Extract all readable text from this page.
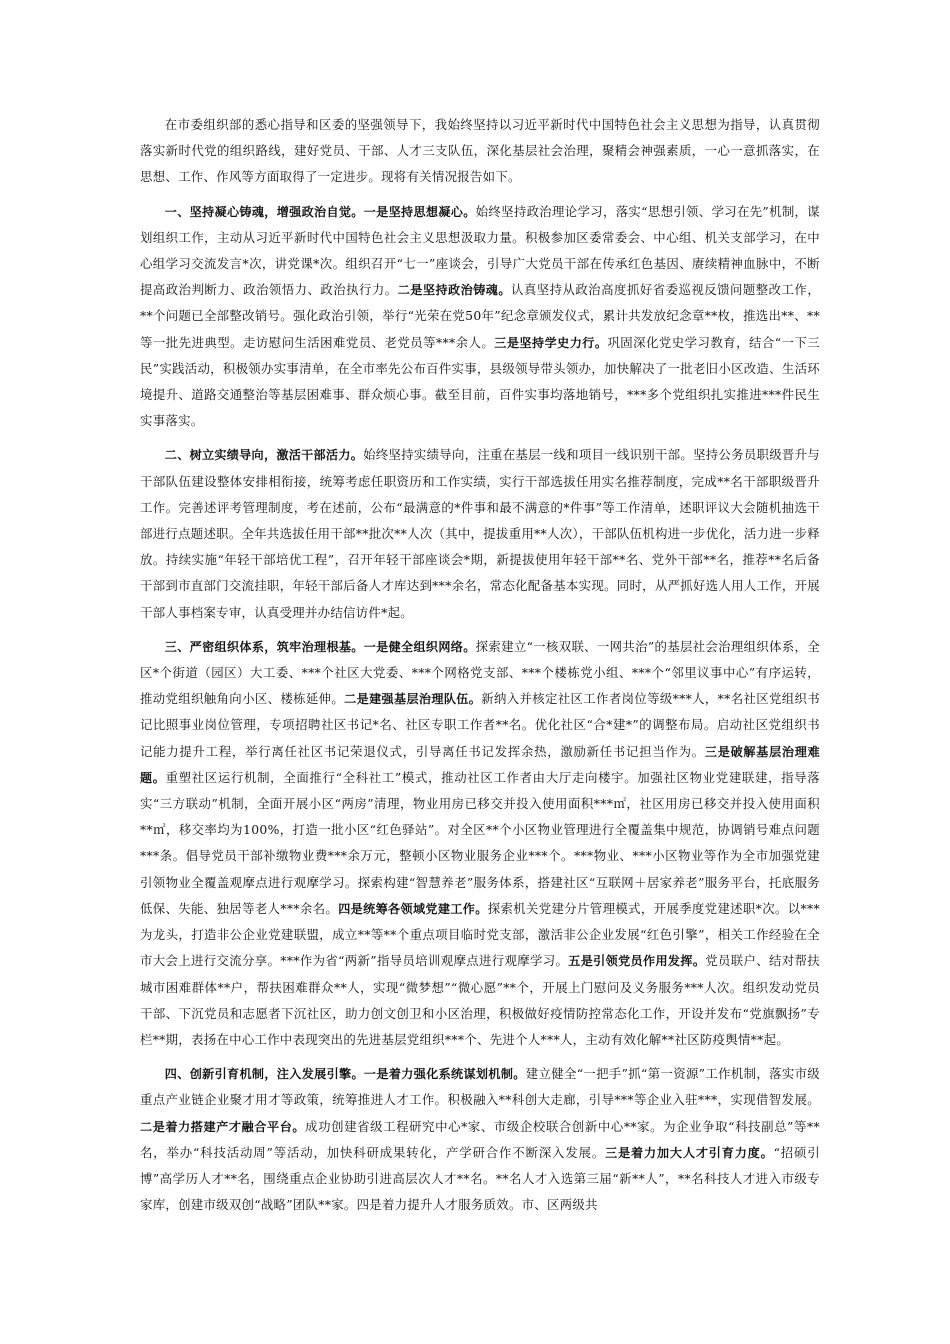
在市委组织部的悉心指导和区委的坚强领导下，我始终坚持以习近平新时代中国特色社会主义思想为指导，认真贯彻落实新时代党的组织路线，建好党员、干部、人才三支队伍，深化基层社会治理，聚精会神强素质，一心一意抓落实，在思想、工作、作风等方面取得了一定进步。现将有关情况报告如下。

一、坚持凝心铸魂，增强政治自觉。一是坚持思想凝心。始终坚持政治理论学习，落实“思想引领、学习在先”机制，谋划组织工作，主动从习近平新时代中国特色社会主义思想汲取力量。积极参加区委常委会、中心组、机关支部学习，在中心组学习交流发言*次，讲党课*次。组织召开“七一”座谈会，引导广大党员干部在传承红色基因、赓续精神血脉中，不断提高政治判断力、政治领悟力、政治执行力。二是坚持政治铸魂。认真坚持从政治高度抓好省委巡视反馈问题整改工作，**个问题已全部整改销号。强化政治引领，举行“光荣在党50年”纪念章颁发仪式，累计共发放纪念章**枚，推选出**、**等一批先进典型。走访慰问生活困难党员、老党员等***余人。三是坚持学史力行。巩固深化党史学习教育，结合“一下三民”实践活动，积极领办实事清单，在全市率先公布百件实事，县级领导带头领办，加快解决了一批老旧小区改造、生活环境提升、道路交通整治等基层困难事、群众烦心事。截至目前，百件实事均落地销号，***多个党组织扎实推进***件民生实事落实。

二、树立实绩导向，激活干部活力。始终坚持实绩导向，注重在基层一线和项目一线识别干部。坚持公务员职级晋升与干部队伍建设整体安排相衔接，统筹考虑任职资历和工作实绩，实行干部选拔任用实名推荐制度，完成**名干部职级晋升工作。完善述评考管理制度，考在述前，公布“最满意的*件事和最不满意的*件事”等工作清单，述职评议大会随机抽选干部进行点题述职。全年共选拔任用干部**批次**人次（其中，提拔重用**人次），干部队伍机构进一步优化，活力进一步释放。持续实施“年轻干部培优工程”，召开年轻干部座谈会*期，新提拔使用年轻干部**名、党外干部**名，推荐**名后备干部到市直部门交流挂职，年轻干部后备人才库达到***余名，常态化配备基本实现。同时，从严抓好选人用人工作，开展干部人事档案专审，认真受理并办结信访件*起。

三、严密组织体系，筑牢治理根基。一是健全组织网络。探索建立“一核双联、一网共治”的基层社会治理组织体系，全区*个街道（园区）大工委、***个社区大党委、***个网格党支部、***个楼栋党小组、***个“邻里议事中心”有序运转，推动党组织触角向小区、楼栋延伸。二是建强基层治理队伍。新纳入并核定社区工作者岗位等级***人，**名社区党组织书记比照事业岗位管理，专项招聘社区书记*名、社区专职工作者**名。优化社区“合*建*”的调整布局。启动社区党组织书记能力提升工程，举行离任社区书记荣退仪式，引导离任书记发挥余热，激励新任书记担当作为。三是破解基层治理难题。重塑社区运行机制，全面推行“全科社工”模式，推动社区工作者由大厅走向楼宇。加强社区物业党建联建，指导落实“三方联动”机制，全面开展小区“两房”清理，物业用房已移交并投入使用面积***㎡，社区用房已移交并投入使用面积**㎡，移交率均为100%，打造一批小区“红色驿站”。对全区**个小区物业管理进行全覆盖集中规范，协调销号难点问题***条。倡导党员干部补缴物业费***余万元，整顿小区物业服务企业***个。***物业、***小区物业等作为全市加强党建引领物业全覆盖观摩点进行观摩学习。探索构建“智慧养老”服务体系，搭建社区“互联网＋居家养老”服务平台，托底服务低保、失能、独居等老人***余名。四是统筹各领域党建工作。探索机关党建分片管理模式，开展季度党建述职*次。以***为龙头，打造非公企业党建联盟，成立**等**个重点项目临时党支部，激活非公企业发展“红色引擎”，相关工作经验在全市大会上进行交流分享。***作为省“两新”指导员培训观摩点进行观摩学习。五是引领党员作用发挥。党员联户、结对帮扶城市困难群体**户，帮扶困难群众**人，实现“微梦想”“微心愿”**个，开展上门慰问及义务服务***人次。组织发动党员干部、下沉党员和志愿者下沉社区，助力创文创卫和小区治理，积极做好疫情防控常态化工作，开设并发布“党旗飘扬”专栏**期，表扬在中心工作中表现突出的先进基层党组织***个、先进个人***人，主动有效化解**社区防疫舆情**起。

四、创新引育机制，注入发展引擎。一是着力强化系统谋划机制。建立健全“一把手”抓“第一资源”工作机制，落实市级重点产业链企业聚才用才等政策，统筹推进人才工作。积极融入**科创大走廊，引导***等企业入驻***，实现借智发展。二是着力搭建产才融合平台。成功创建省级工程研究中心*家、市级企校联合创新中心**家。为企业争取“科技副总”等**名，举办“科技活动周”等活动，加快科研成果转化，产学研合作不断深入发展。三是着力加大人才引育力度。“招硕引博”高学历人才**名，围绕重点企业协助引进高层次人才**名。**名人才入选第三届“新**人”，**名科技人才进入市级专家库，创建市级双创“战略”团队**家。四是着力提升人才服务质效。市、区两级共
